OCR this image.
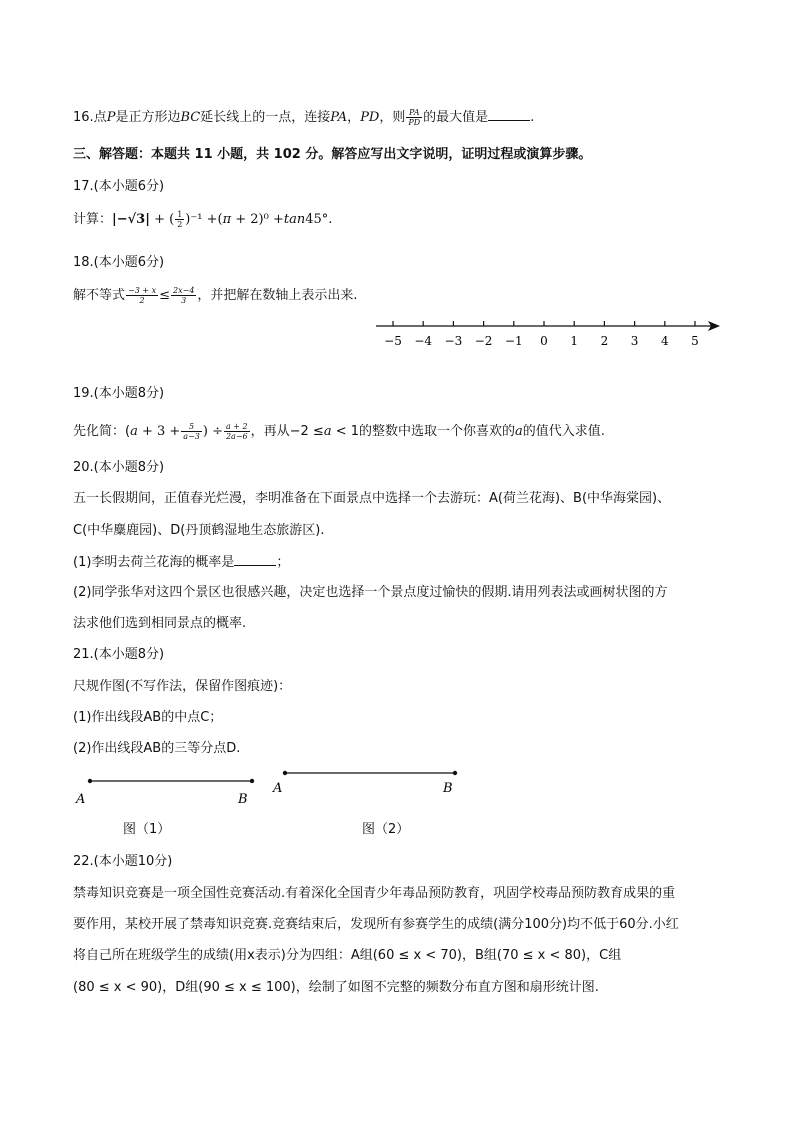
16.点P是正方形边BC延长线上的一点，连接PA，PD，则 $\frac{PA}{PD}$ 的最大值是	.
三、解答题：本题共 11 小题，共 102 分。解答应写出文字说明，证明过程或演算步骤。
17.(本小题6分)
计算：|−√3| + ( $\frac{1}{2} )^{-1} +(\pi + 2)^0 +\tan 45^\circ$.
18.(本小题6分)
解不等式 $\frac{-3 + x}{2} \le \frac{2x-4}{3}$ ，并把解在数轴上表示出来.
−5 −4 −3 −2 −1 0 1 2 3 4 5
19.(本小题8分)
先化简：($a + 3 + \frac{5}{a-3}$ ) ÷ $\frac{a + 2}{2a-6}$ ，再从−2 ≤a < 1的整数中选取一个你喜欢的a的值代入求值.
20.(本小题8分)
五一长假期间，正值春光烂漫，李明准备在下面景点中选择一个去游玩：A(荷兰花海)、B(中华海棠园)、
C(中华麋鹿园)、D(丹顶鹤湿地生态旅游区).
(1)李明去荷兰花海的概率是	；
(2)同学张华对这四个景区也很感兴趣，决定也选择一个景点度过愉快的假期.请用列表法或画树状图的方
法求他们选到相同景点的概率.
21.(本小题8分)
尺规作图(不写作法，保留作图痕迹)：
(1)作出线段AB的中点C；
(2)作出线段AB的三等分点D.
A	B
图（1）
A	B
图（2）
22.(本小题10分)
禁毒知识竞赛是一项全国性竞赛活动.有着深化全国青少年毒品预防教育，巩固学校毒品预防教育成果的重
要作用，某校开展了禁毒知识竞赛.竞赛结束后，发现所有参赛学生的成绩(满分100分)均不低于60分.小红
将自己所在班级学生的成绩(用x表示)分为四组：A组(60 ≤ x < 70)，B组(70 ≤ x < 80)，C组
(80 ≤ x < 90)，D组(90 ≤ x ≤ 100)，绘制了如图不完整的频数分布直方图和扇形统计图.
